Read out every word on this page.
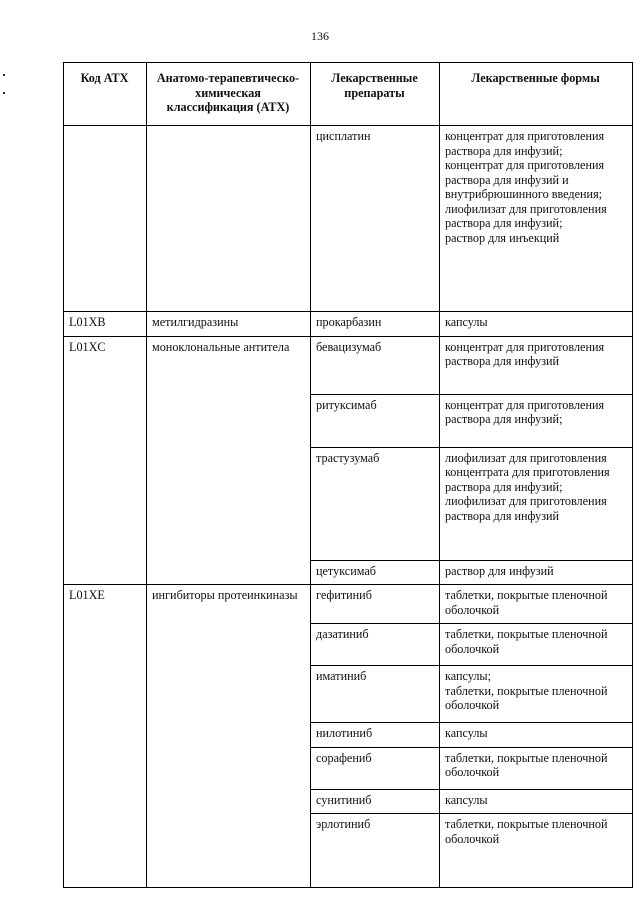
136
Код АТХ	Анатомо-терапевтическо-химическая классификация (АТХ)	Лекарственные препараты	Лекарственные формы
		цисплатин	концентрат для приготовления раствора для инфузий;
концентрат для приготовления раствора для инфузий и внутрибрюшинного введения;
лиофилизат для приготовления раствора для инфузий;
раствор для инъекций
L01XB	метилгидразины	прокарбазин	капсулы
L01XC	моноклональные антитела	бевацизумаб	концентрат для приготовления раствора для инфузий
		ритуксимаб	концентрат для приготовления раствора для инфузий;
		трастузумаб	лиофилизат для приготовления концентрата для приготовления раствора для инфузий;
лиофилизат для приготовления раствора для инфузий
		цетуксимаб	раствор для инфузий
L01XE	ингибиторы протеинкиназы	гефитиниб	таблетки, покрытые пленочной оболочкой
		дазатиниб	таблетки, покрытые пленочной оболочкой
		иматиниб	капсулы;
таблетки, покрытые пленочной оболочкой
		нилотиниб	капсулы
		сорафениб	таблетки, покрытые пленочной оболочкой
		сунитиниб	капсулы
		эрлотиниб	таблетки, покрытые пленочной оболочкой
